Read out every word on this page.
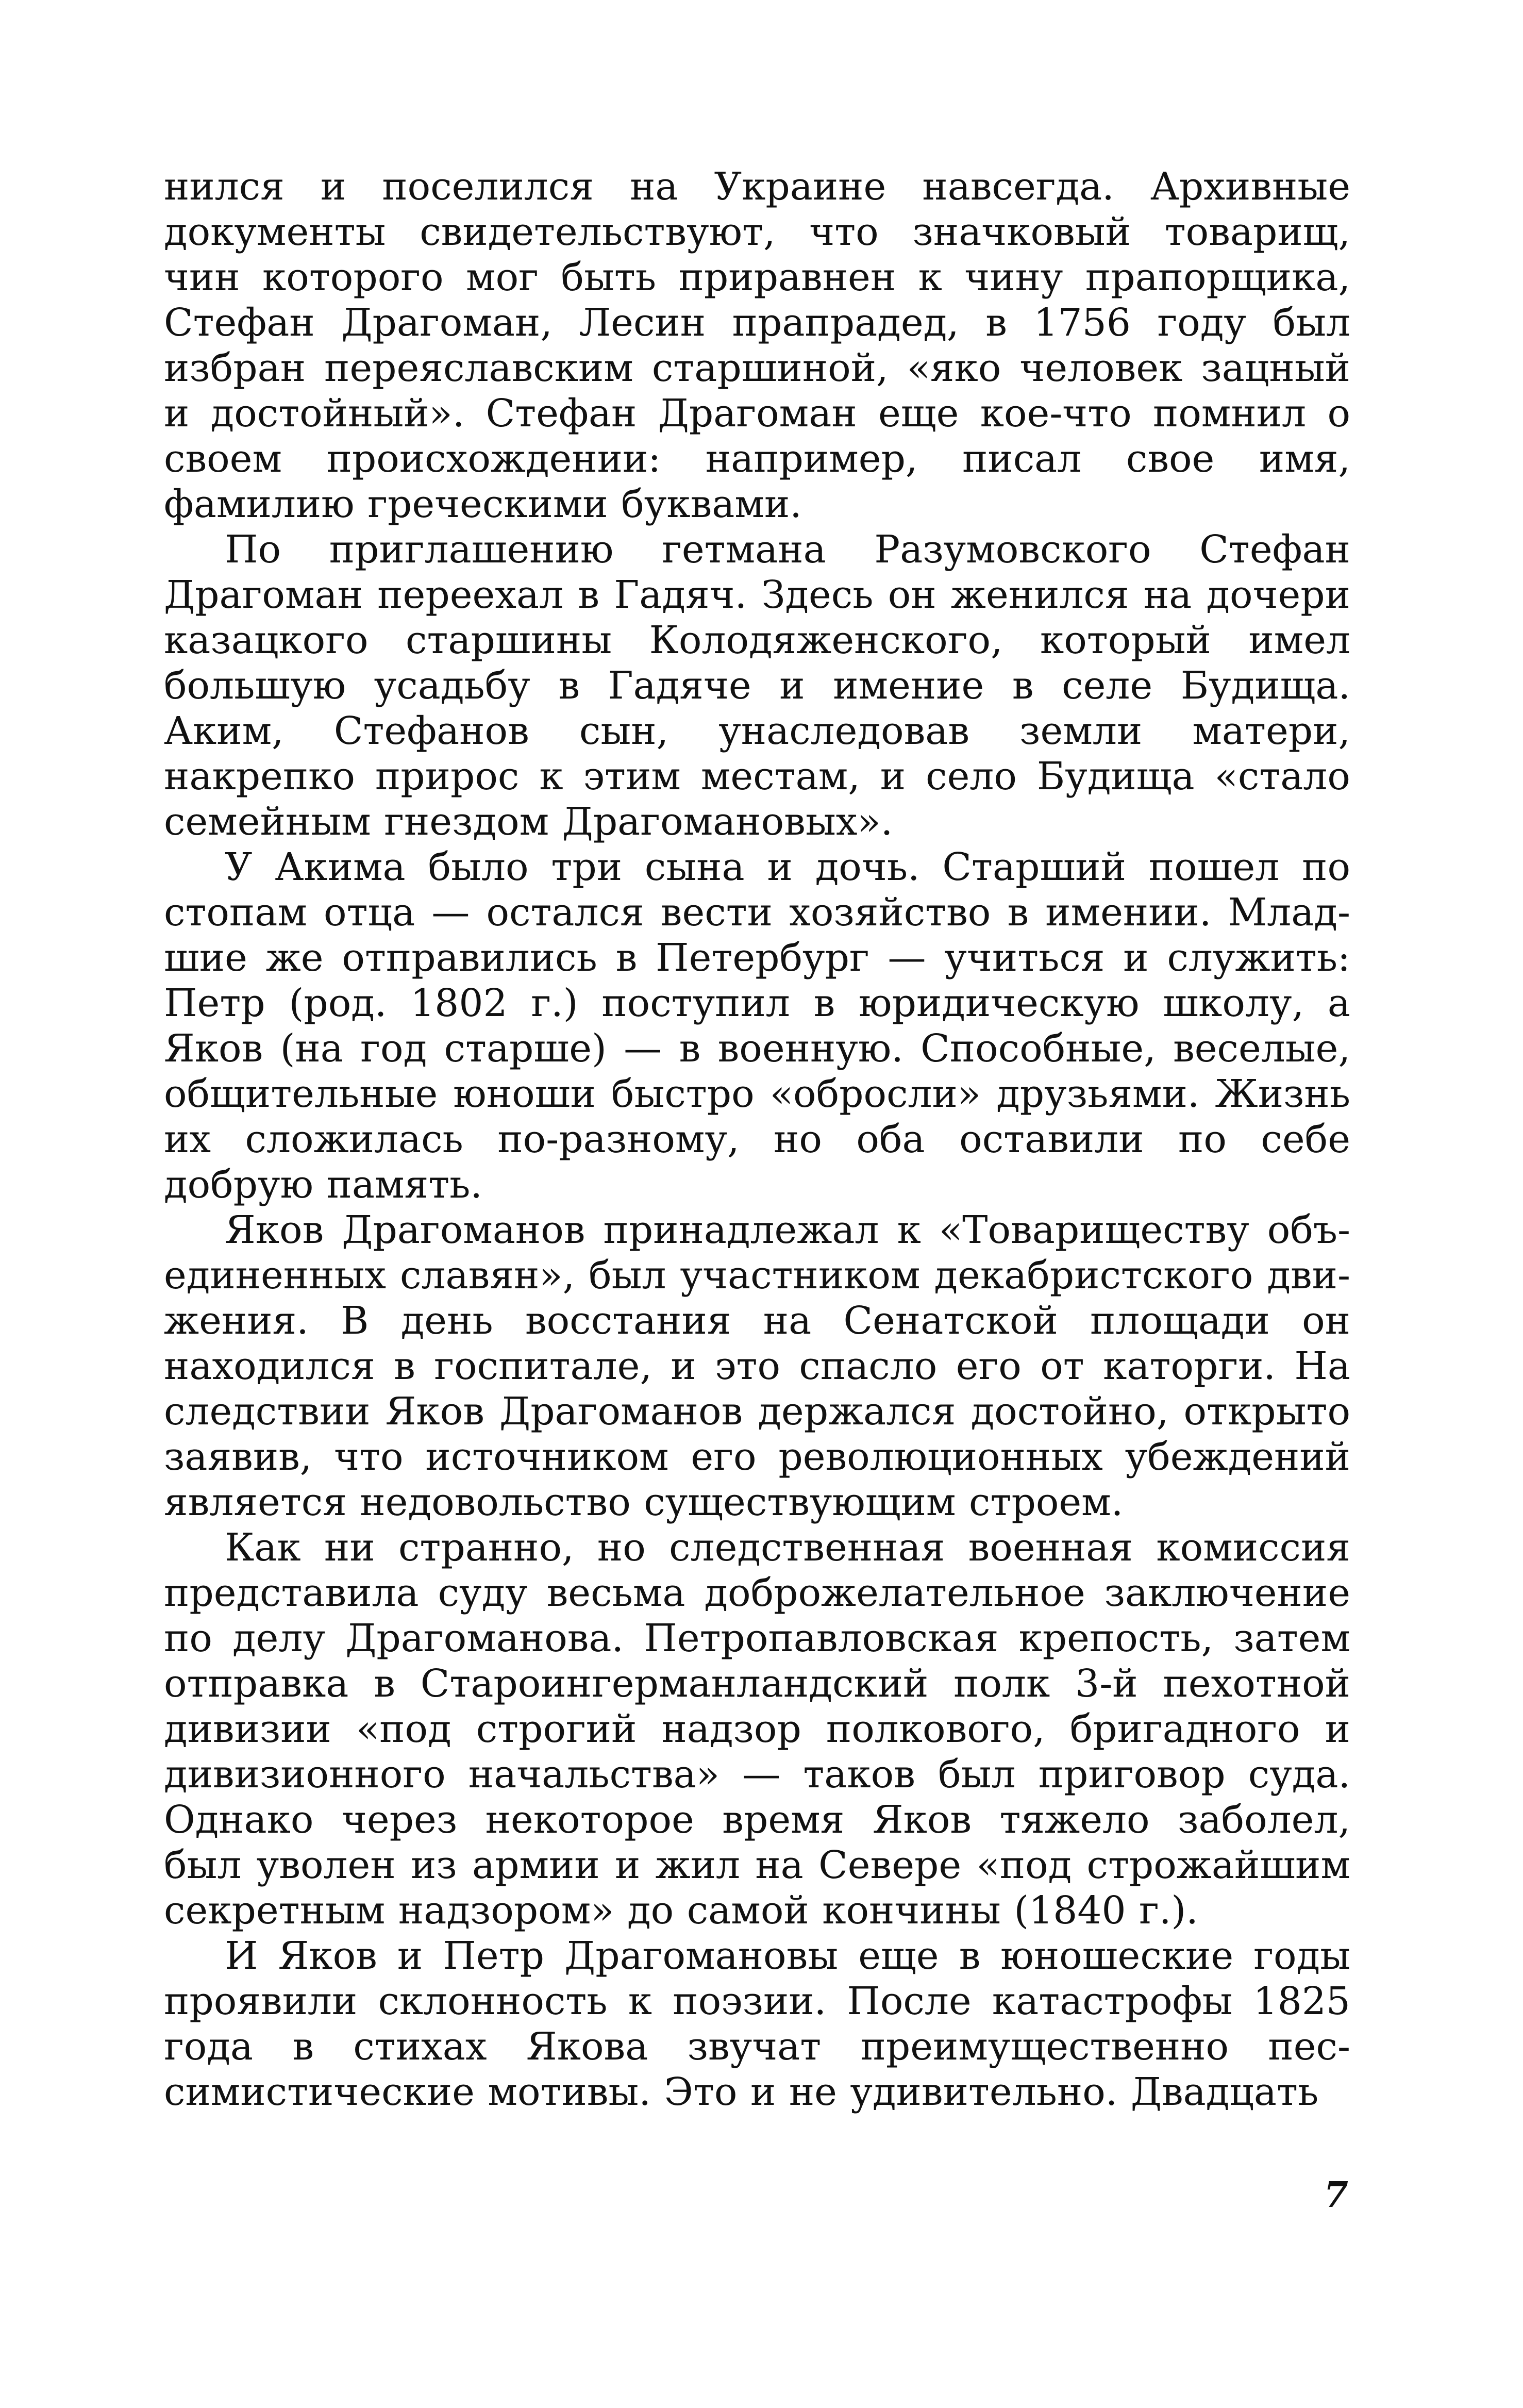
нился и поселился на Украине навсегда. Архивные документы свидетельствуют, что значковый товарищ, чин которого мог быть приравнен к чину прапорщика, Стефан Драгоман, Лесин прапрадед, в 1756 году был избран переяславским старшиной, «яко человек зацный и достойный». Стефан Драгоман еще кое-что помнил о своем происхождении: например, писал свое имя, фамилию греческими буквами.

По приглашению гетмана Разумовского Стефан Драгоман переехал в Гадяч. Здесь он женился на дочери казацкого старшины Колодяженского, который имел большую усадьбу в Гадяче и имение в селе Будища. Аким, Стефанов сын, унаследовав земли матери, накрепко прирос к этим местам, и село Будища «стало семейным гнездом Драгомановых».

У Акима было три сына и дочь. Старший пошел по стопам отца — остался вести хозяйство в имении. Младшие же отправились в Петербург — учиться и служить: Петр (род. 1802 г.) поступил в юридическую школу, а Яков (на год старше) — в военную. Способные, веселые, общительные юноши быстро «обросли» друзьями. Жизнь их сложилась по-разному, но оба оставили по себе добрую память.

Яков Драгоманов принадлежал к «Товариществу объединенных славян», был участником декабристского движения. В день восстания на Сенатской площади он находился в госпитале, и это спасло его от каторги. На следствии Яков Драгоманов держался достойно, открыто заявив, что источником его революционных убеждений является недовольство существующим строем.

Как ни странно, но следственная военная комиссия представила суду весьма доброжелательное заключение по делу Драгоманова. Петропавловская крепость, затем отправка в Староингерманландский полк 3-й пехотной дивизии «под строгий надзор полкового, бригадного и дивизионного начальства» — таков был приговор суда. Однако через некоторое время Яков тяжело заболел, был уволен из армии и жил на Севере «под строжайшим секретным надзором» до самой кончины (1840 г.).

И Яков и Петр Драгомановы еще в юношеские годы проявили склонность к поэзии. После катастрофы 1825 года в стихах Якова звучат преимущественно пессимистические мотивы. Это и не удивительно. Двадцать

7
